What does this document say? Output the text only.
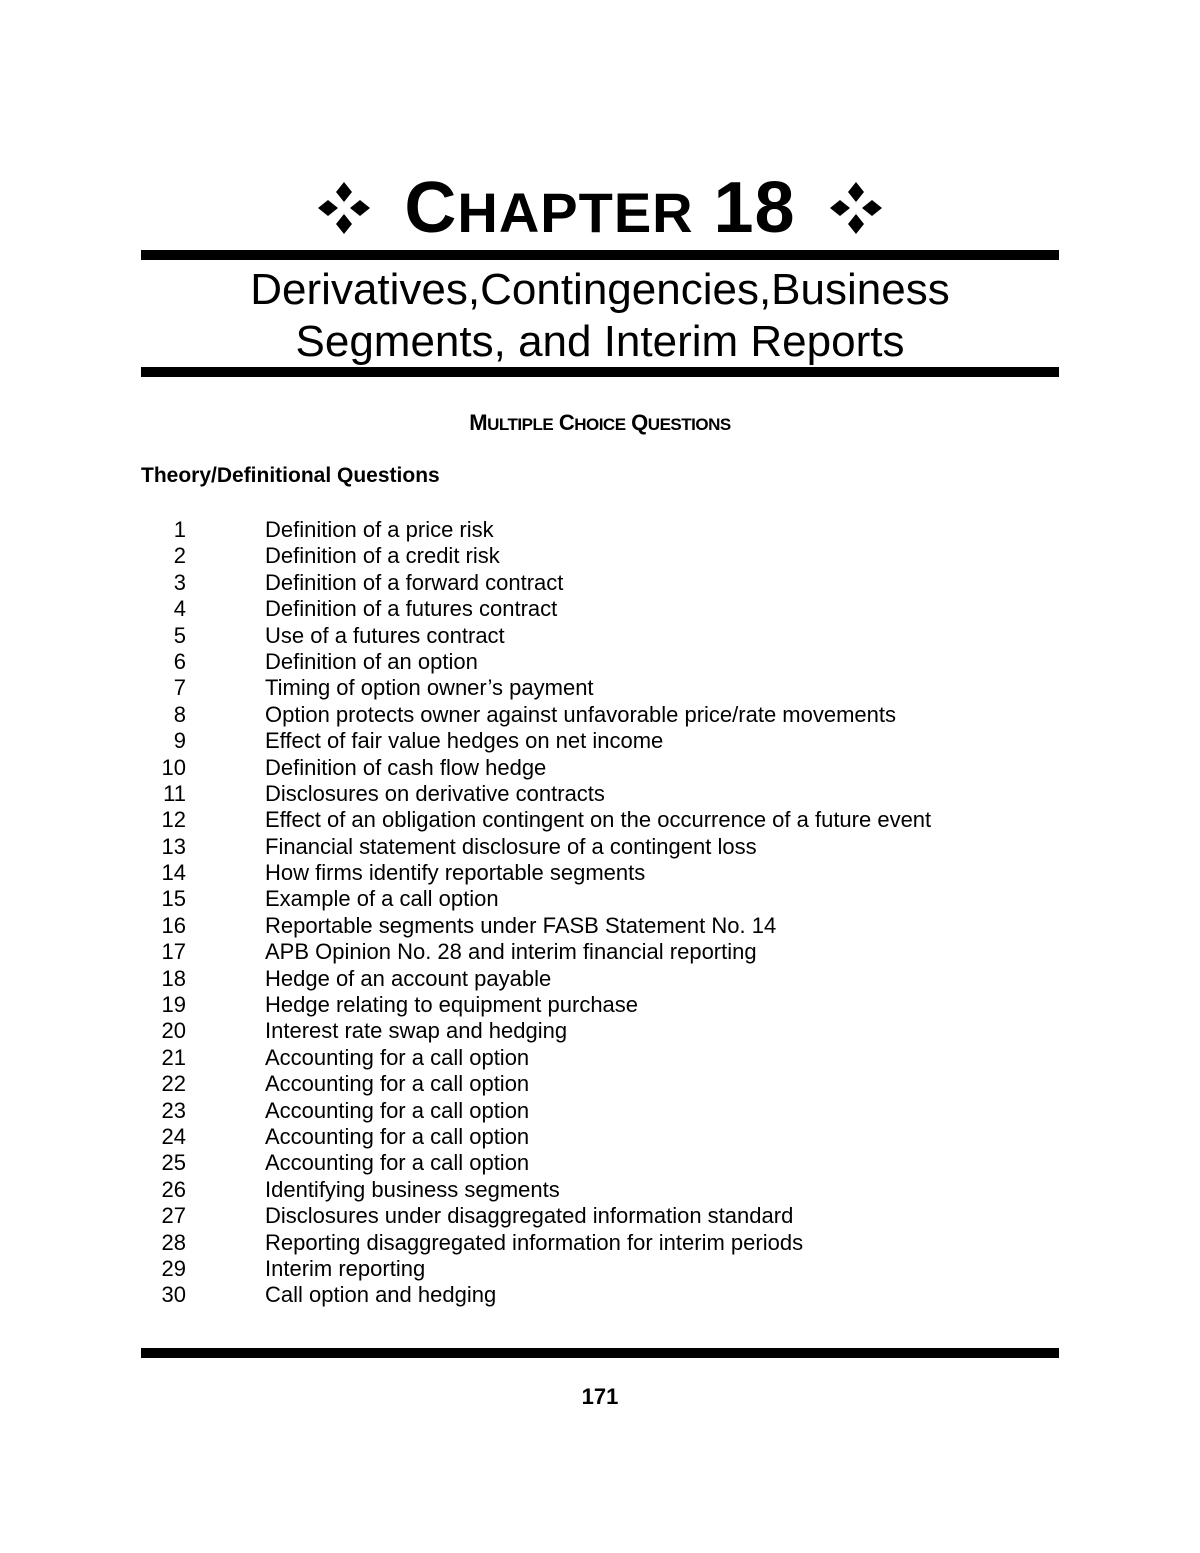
CHAPTER 18
Derivatives,Contingencies,Business
Segments, and Interim Reports
MULTIPLE CHOICE QUESTIONS
Theory/Definitional Questions
1	Definition of a price risk
2	Definition of a credit risk
3	Definition of a forward contract
4	Definition of a futures contract
5	Use of a futures contract
6	Definition of an option
7	Timing of option owner’s payment
8	Option protects owner against unfavorable price/rate movements
9	Effect of fair value hedges on net income
10	Definition of cash flow hedge
11	Disclosures on derivative contracts
12	Effect of an obligation contingent on the occurrence of a future event
13	Financial statement disclosure of a contingent loss
14	How firms identify reportable segments
15	Example of a call option
16	Reportable segments under FASB Statement No. 14
17	APB Opinion No. 28 and interim financial reporting
18	Hedge of an account payable
19	Hedge relating to equipment purchase
20	Interest rate swap and hedging
21	Accounting for a call option
22	Accounting for a call option
23	Accounting for a call option
24	Accounting for a call option
25	Accounting for a call option
26	Identifying business segments
27	Disclosures under disaggregated information standard
28	Reporting disaggregated information for interim periods
29	Interim reporting
30	Call option and hedging
171
